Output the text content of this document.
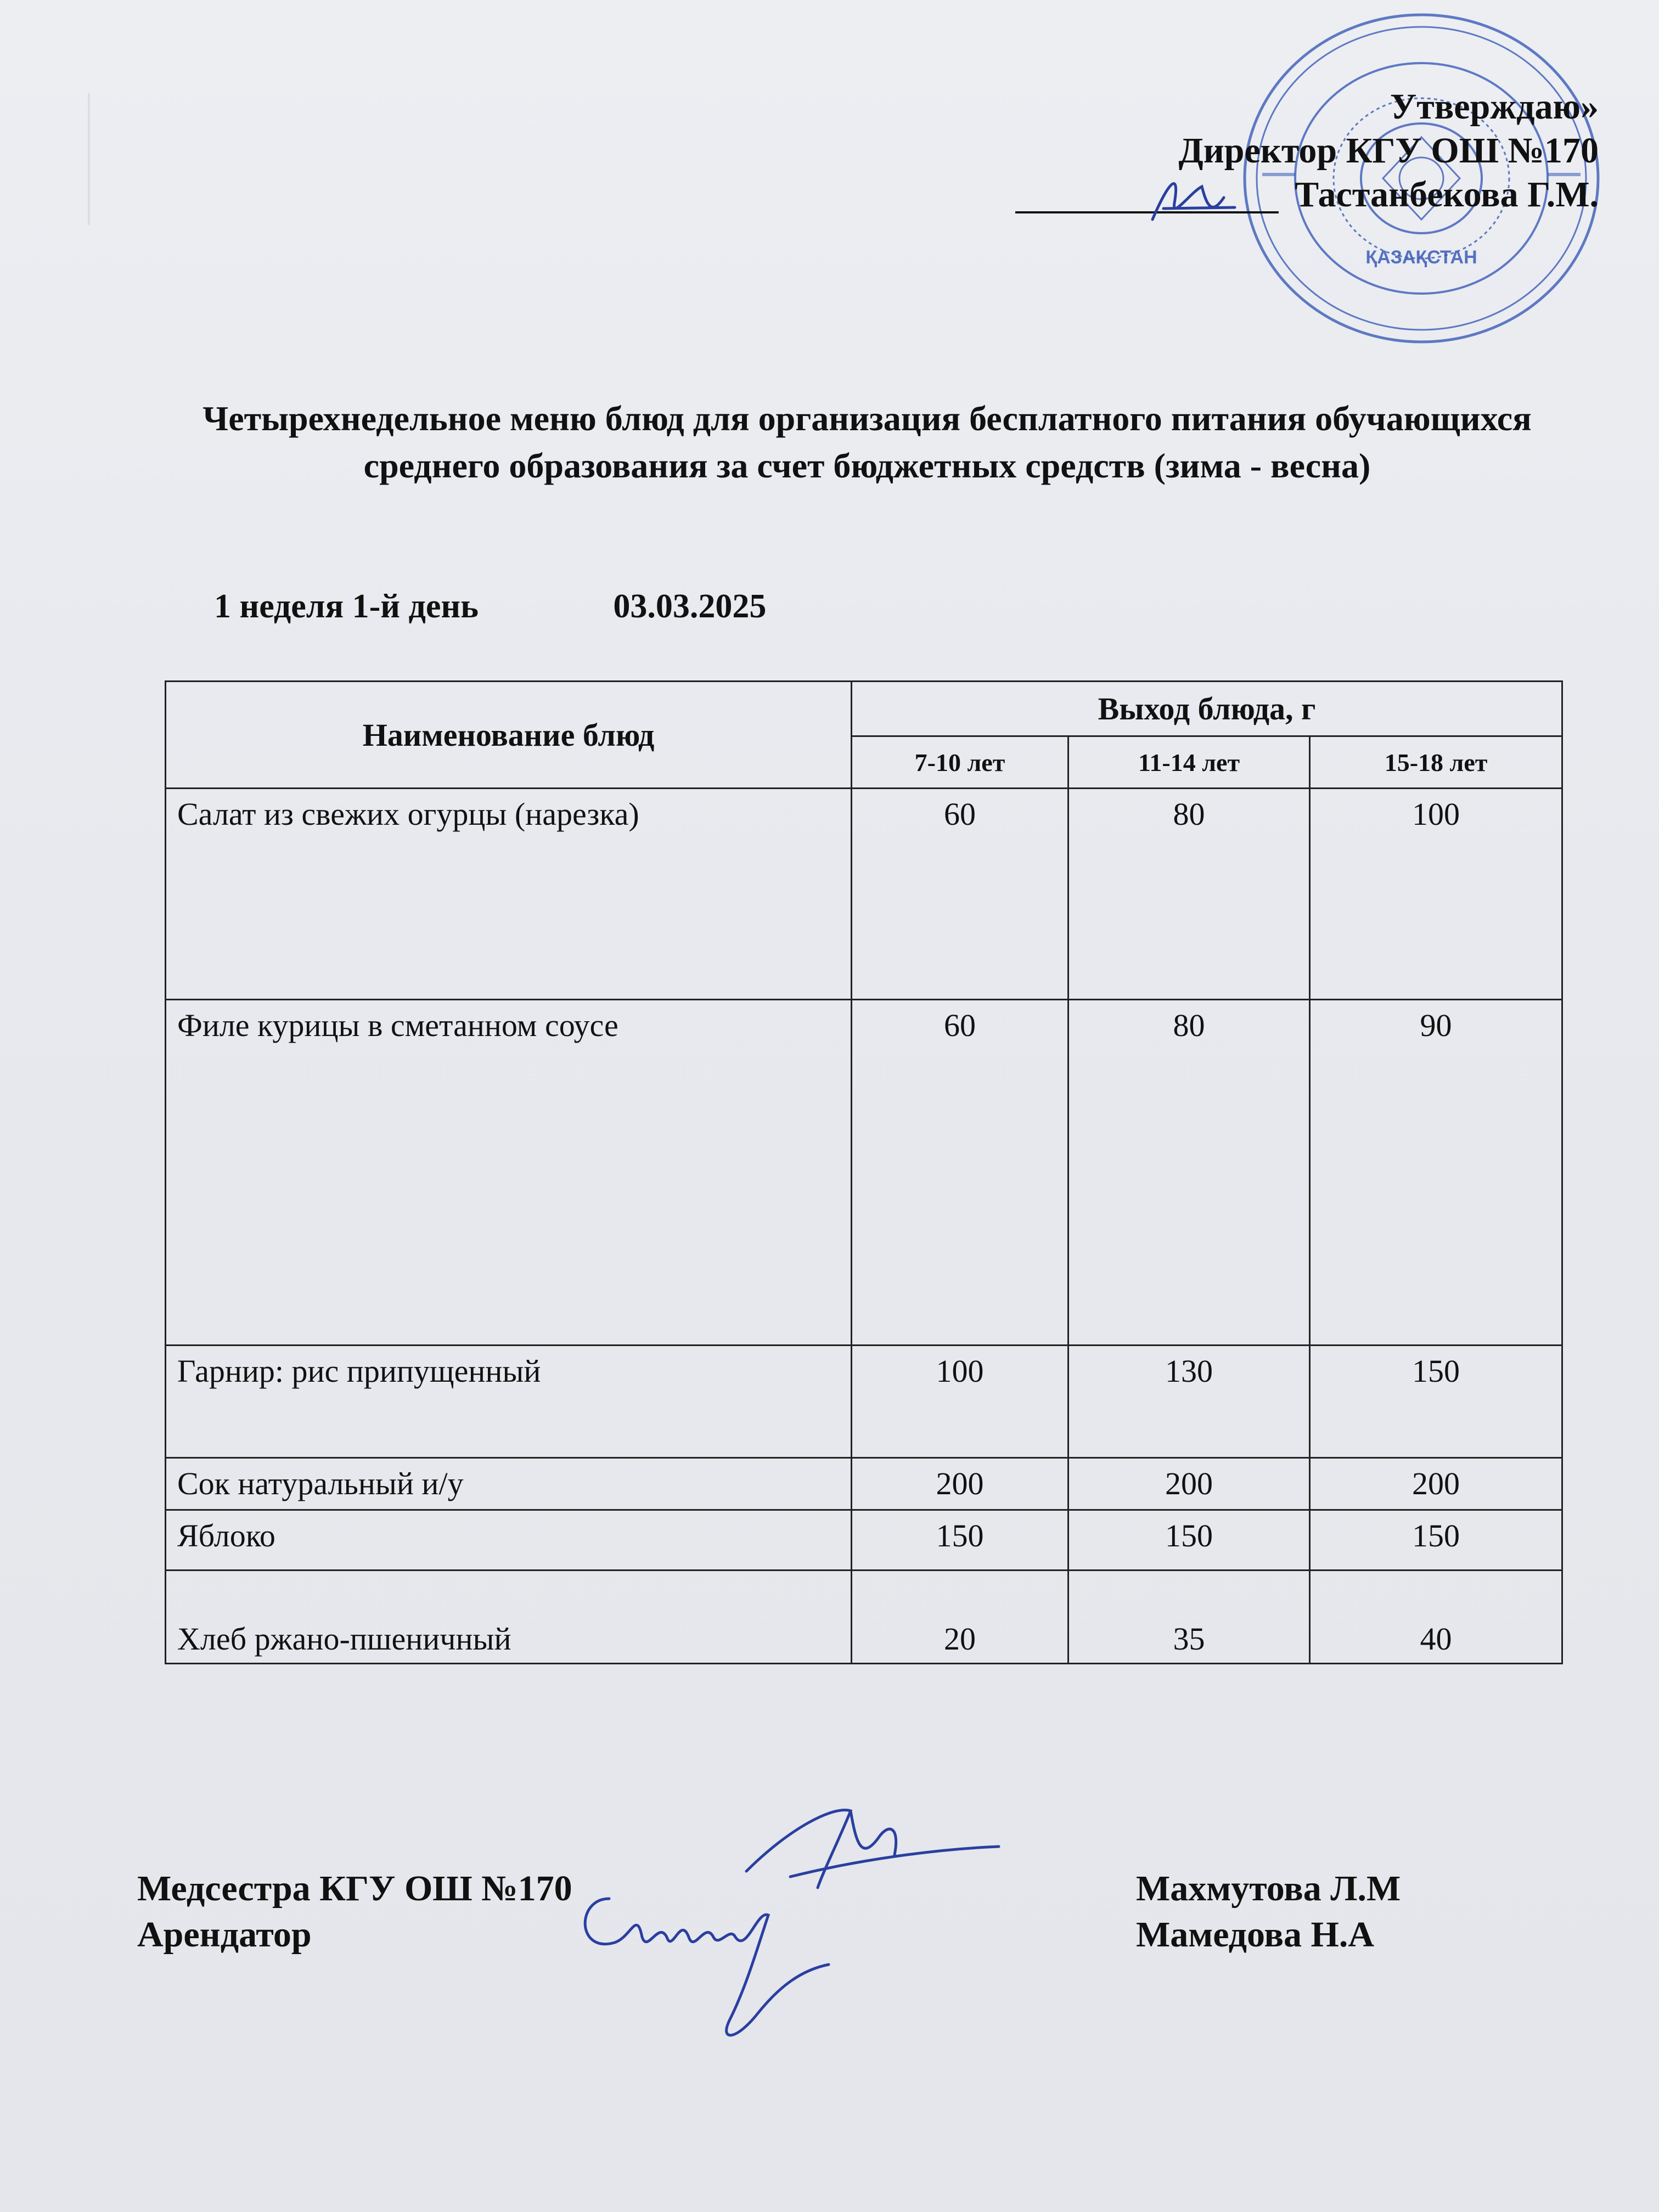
ҚАЗАҚСТАН
Утверждаю»
Директор КГУ ОШ №170
Тастанбекова Г.М.
Четырехнедельное меню блюд для организация бесплатного питания обучающихся среднего образования за счет бюджетных средств (зима - весна)
1 неделя 1-й день	03.03.2025
Наименование блюд	Выход блюда, г		
	7-10 лет	11-14 лет	15-18 лет
Салат из свежих огурцы (нарезка)	60	80	100
Филе курицы в сметанном соусе	60	80	90
Гарнир: рис припущенный	100	130	150
Сок натуральный и/у	200	200	200
Яблоко	150	150	150
Хлеб ржано-пшеничный	20	35	40
Медсестра КГУ ОШ №170
Арендатор
Махмутова Л.М
Мамедова Н.А
